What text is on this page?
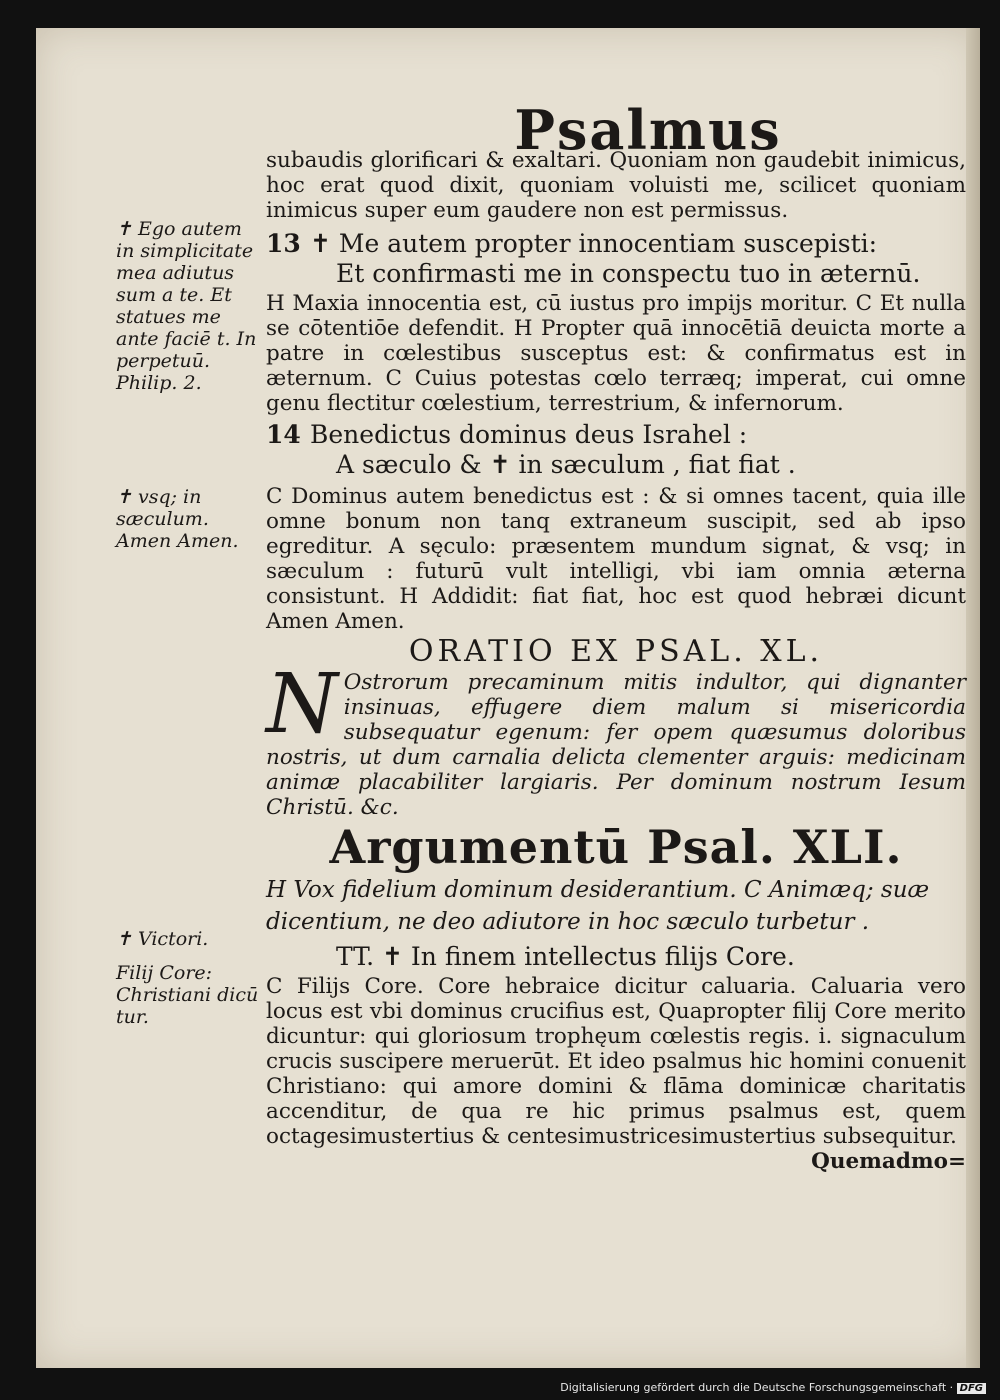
Psalmus
✝ Ego autem in simplicitate mea adiutus sum a te. Et statues me ante faciē t. In perpetuū. Philip. 2.
✝ vsq; in sæculum. Amen Amen.
✝ Victori.
Filij Core: Christiani dicū tur.

subaudis glorificari & exaltari. Quoniam non gaudebit inimicus, hoc erat quod dixit, quoniam voluisti me, scilicet quoniam inimicus super eum gaudere non est permissus.

13 ✝ Me autem propter innocentiam suscepisti:

Et confirmasti me in conspectu tuo in æternū.

H Maxia innocentia est, cū iustus pro impijs moritur. C Et nulla se cōtentiōe defendit. H Propter quā innocētiā deuicta morte a patre in cœlestibus susceptus est: & confirmatus est in æternum. C Cuius potestas cœlo terræq; imperat, cui omne genu flectitur cœlestium, terrestrium, & infernorum.

14 Benedictus dominus deus Israhel :

A sæculo & ✝ in sæculum , fiat fiat .

C Dominus autem benedictus est : & si omnes tacent, quia ille omne bonum non tanq extraneum suscipit, sed ab ipso egreditur. A sęculo: præsentem mundum signat, & vsq; in sæculum : futurū vult intelligi, vbi iam omnia æterna consistunt. H Addidit: fiat fiat, hoc est quod hebræi dicunt Amen Amen.

ORATIO EX PSAL. XL.

N Ostrorum precaminum mitis indultor, qui dignanter insinuas, effugere diem malum si misericordia subsequatur egenum: fer opem quæsumus doloribus nostris, ut dum carnalia delicta clementer arguis: medicinam animæ placabiliter largiaris. Per dominum nostrum Iesum Christū. &c.

Argumentū Psal. XLI.

H Vox fidelium dominum desiderantium. C Animæq; suæ dicentium, ne deo adiutore in hoc sæculo turbetur .

TT. ✝ In finem intellectus filijs Core.

C Filijs Core. Core hebraice dicitur caluaria. Caluaria vero locus est vbi dominus crucifius est, Quapropter filij Core merito dicuntur: qui gloriosum trophęum cœlestis regis. i. signaculum crucis suscipere meruerūt. Et ideo psalmus hic homini conuenit Christiano: qui amore domini & flāma dominicæ charitatis accenditur, de qua re hic primus psalmus est, quem octagesimustertius & centesimustricesimustertius subsequitur.

Quemadmo=

Digitalisierung gefördert durch die Deutsche Forschungsgemeinschaft · DFG
